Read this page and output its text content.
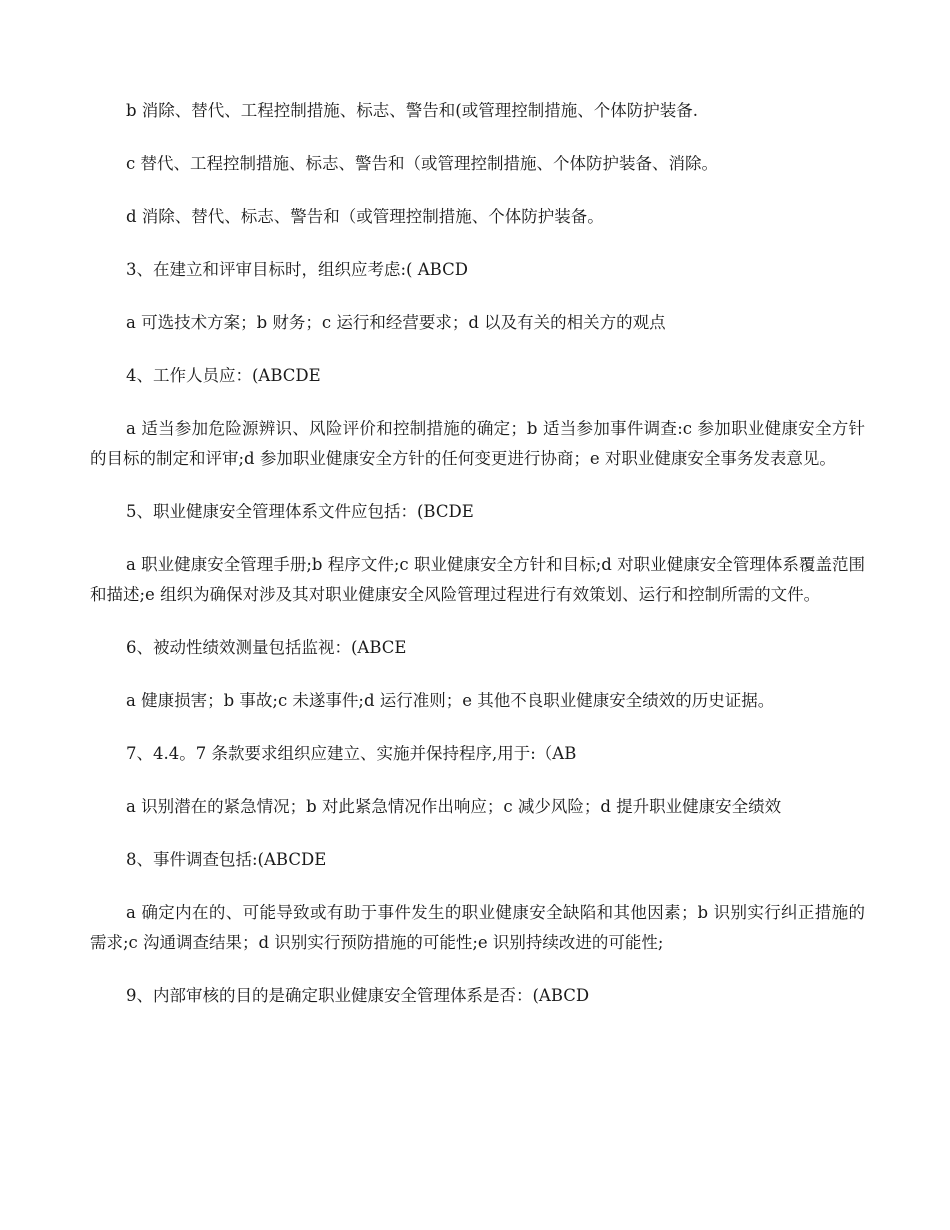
b 消除、替代、工程控制措施、标志、警告和(或管理控制措施、个体防护装备.

c 替代、工程控制措施、标志、警告和（或管理控制措施、个体防护装备、消除。

d 消除、替代、标志、警告和（或管理控制措施、个体防护装备。

3、在建立和评审目标时，组织应考虑:( ABCD

a 可选技术方案；b 财务；c 运行和经营要求；d 以及有关的相关方的观点

4、工作人员应：(ABCDE

a 适当参加危险源辨识、风险评价和控制措施的确定；b 适当参加事件调查:c 参加职业健康安全方针的目标的制定和评审;d 参加职业健康安全方针的任何变更进行协商；e 对职业健康安全事务发表意见。

5、职业健康安全管理体系文件应包括：(BCDE

a 职业健康安全管理手册;b 程序文件;c 职业健康安全方针和目标;d 对职业健康安全管理体系覆盖范围和描述;e 组织为确保对涉及其对职业健康安全风险管理过程进行有效策划、运行和控制所需的文件。

6、被动性绩效测量包括监视：(ABCE

a 健康损害；b 事故;c 未遂事件;d 运行准则；e 其他不良职业健康安全绩效的历史证据。

7、4.4。7 条款要求组织应建立、实施并保持程序,用于:（AB

a 识别潜在的紧急情况；b 对此紧急情况作出响应；c 减少风险；d 提升职业健康安全绩效

8、事件调查包括:(ABCDE

a 确定内在的、可能导致或有助于事件发生的职业健康安全缺陷和其他因素；b 识别实行纠正措施的需求;c 沟通调查结果；d 识别实行预防措施的可能性;e 识别持续改进的可能性;

9、内部审核的目的是确定职业健康安全管理体系是否：(ABCD
